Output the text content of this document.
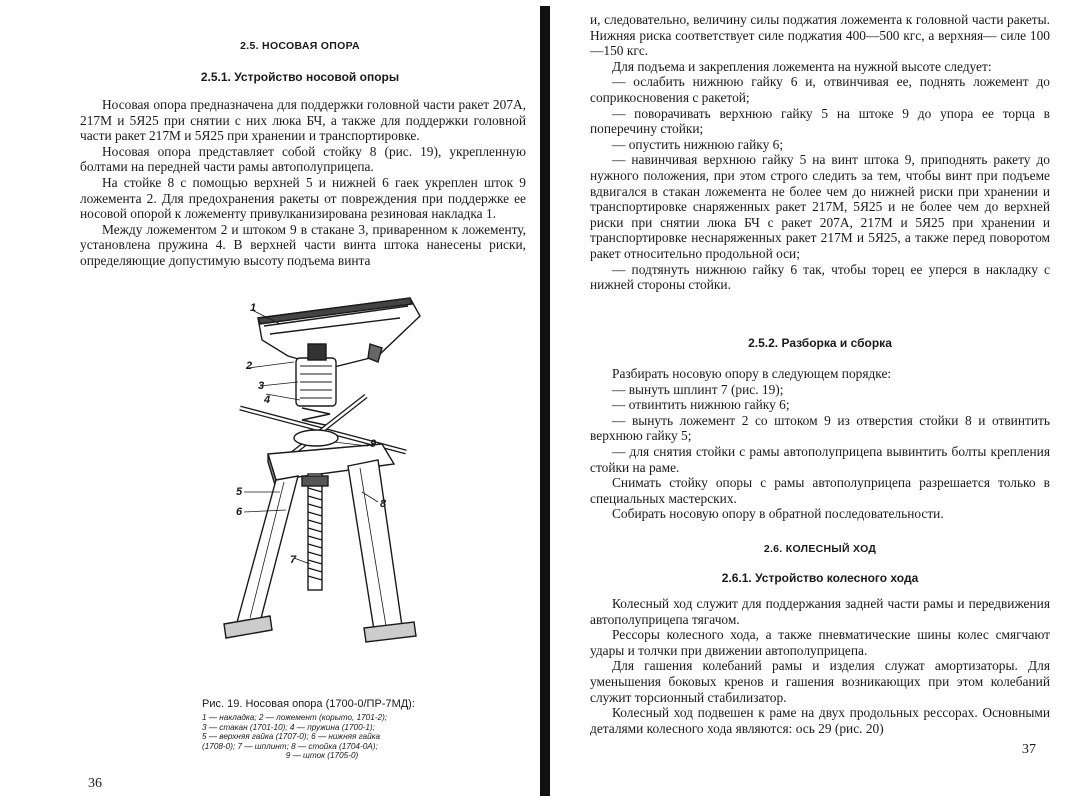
2.5. НОСОВАЯ ОПОРА
2.5.1. Устройство носовой опоры

Носовая опора предназначена для поддержки головной части ракет 207А, 217М и 5Я25 при снятии с них люка БЧ, а также для поддержки головной части ракет 217М и 5Я25 при хранении и транспортировке.

Носовая опора представляет собой стойку 8 (рис. 19), укрепленную болтами на передней части рамы автополуприцепа.

На стойке 8 с помощью верхней 5 и нижней 6 гаек укреплен шток 9 ложемента 2. Для предохранения ракеты от повреждения при поддержке ее носовой опорой к ложементу привулканизирована резиновая накладка 1.

Между ложементом 2 и штоком 9 в стакане 3, приваренном к ложементу, установлена пружина 4. В верхней части винта штока нанесены риски, определяющие допустимую высоту подъема винта

1
2
3
4
5
6
7
8
9
Рис. 19. Носовая опора (1700-0/ПР-7МД):
1 — накладка; 2 — ложемент (корыто, 1701-2);
3 — стакан (1701-10); 4 — пружина (1700-1);
5 — верхняя гайка (1707-0); 6 — нижняя гайка
(1708-0); 7 — шплинт; 8 — стойка (1704-0А);
9 — шток (1705-0)
36

и, следовательно, величину силы поджатия ложемента к головной части ракеты. Нижняя риска соответствует силе поджатия 400—500 кгс, а верхняя— силе 100—150 кгс.

Для подъема и закрепления ложемента на нужной высоте следует:

— ослабить нижнюю гайку 6 и, отвинчивая ее, поднять ложемент до соприкосновения с ракетой;

— поворачивать верхнюю гайку 5 на штоке 9 до упора ее торца в поперечину стойки;

— опустить нижнюю гайку 6;

— навинчивая верхнюю гайку 5 на винт штока 9, приподнять ракету до нужного положения, при этом строго следить за тем, чтобы винт при подъеме вдвигался в стакан ложемента не более чем до нижней риски при хранении и транспортировке снаряженных ракет 217М, 5Я25 и не более чем до верхней риски при снятии люка БЧ с ракет 207А, 217М и 5Я25 при хранении и транспортировке неснаряженных ракет 217М и 5Я25, а также перед поворотом ракет относительно продольной оси;

— подтянуть нижнюю гайку 6 так, чтобы торец ее уперся в накладку с нижней стороны стойки.

2.5.2. Разборка и сборка

Разбирать носовую опору в следующем порядке:

— вынуть шплинт 7 (рис. 19);

— отвинтить нижнюю гайку 6;

— вынуть ложемент 2 со штоком 9 из отверстия стойки 8 и отвинтить верхнюю гайку 5;

— для снятия стойки с рамы автополуприцепа вывинтить болты крепления стойки на раме.

Снимать стойку опоры с рамы автополуприцепа разрешается только в специальных мастерских.

Собирать носовую опору в обратной последовательности.

2.6. КОЛЕСНЫЙ ХОД
2.6.1. Устройство колесного хода

Колесный ход служит для поддержания задней части рамы и передвижения автополуприцепа тягачом.

Рессоры колесного хода, а также пневматические шины колес смягчают удары и толчки при движении автополуприцепа.

Для гашения колебаний рамы и изделия служат амортизаторы. Для уменьшения боковых кренов и гашения возникающих при этом колебаний служит торсионный стабилизатор.

Колесный ход подвешен к раме на двух продольных рессорах. Основными деталями колесного хода являются: ось 29 (рис. 20)

37
